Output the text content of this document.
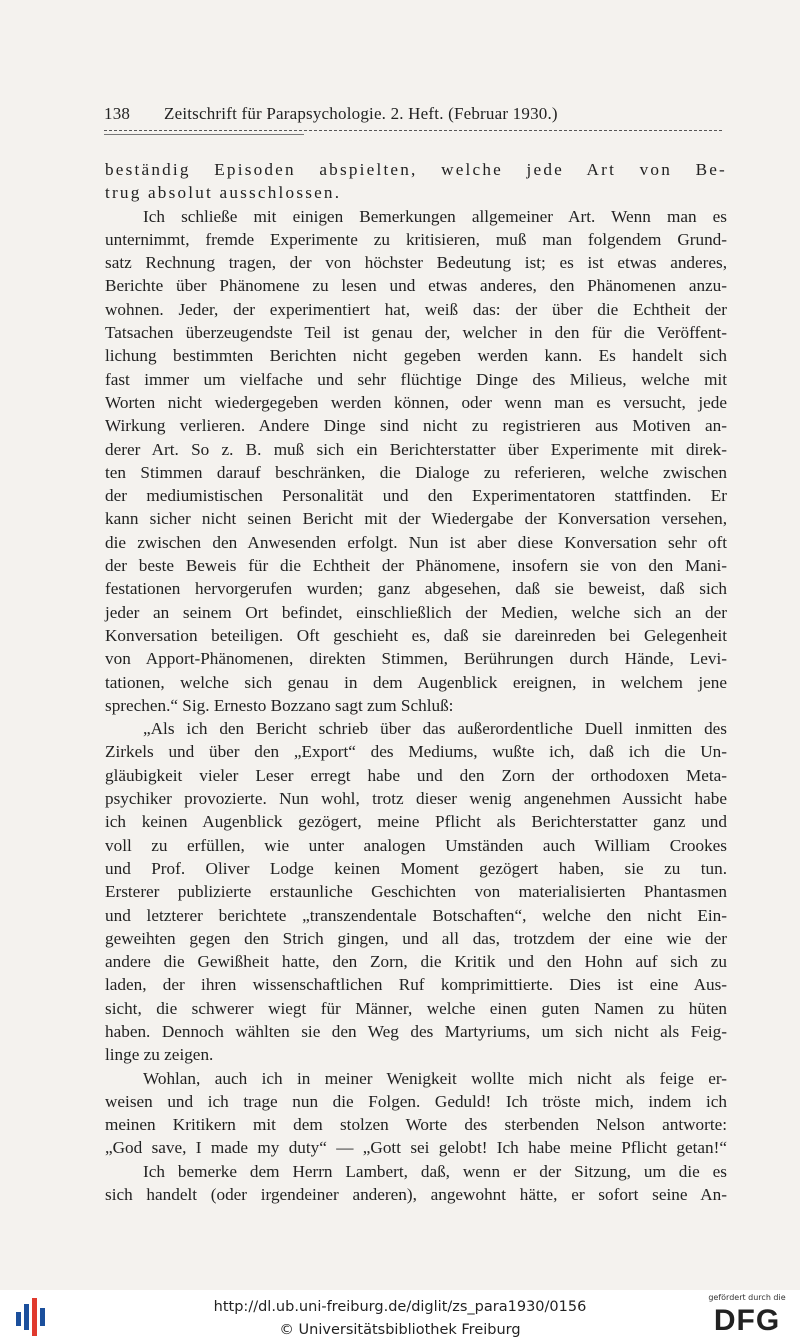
138	Zeitschrift für Parapsychologie. 2. Heft. (Februar 1930.)
beständig Episoden abspielten, welche jede Art von Be-
trug absolut ausschlossen.
Ich schließe mit einigen Bemerkungen allgemeiner Art. Wenn man es
unternimmt, fremde Experimente zu kritisieren, muß man folgendem Grund-
satz Rechnung tragen, der von höchster Bedeutung ist; es ist etwas anderes,
Berichte über Phänomene zu lesen und etwas anderes, den Phänomenen anzu-
wohnen. Jeder, der experimentiert hat, weiß das: der über die Echtheit der
Tatsachen überzeugendste Teil ist genau der, welcher in den für die Veröffent-
lichung bestimmten Berichten nicht gegeben werden kann. Es handelt sich
fast immer um vielfache und sehr flüchtige Dinge des Milieus, welche mit
Worten nicht wiedergegeben werden können, oder wenn man es versucht, jede
Wirkung verlieren. Andere Dinge sind nicht zu registrieren aus Motiven an-
derer Art. So z. B. muß sich ein Berichterstatter über Experimente mit direk-
ten Stimmen darauf beschränken, die Dialoge zu referieren, welche zwischen
der mediumistischen Personalität und den Experimentatoren stattfinden. Er
kann sicher nicht seinen Bericht mit der Wiedergabe der Konversation versehen,
die zwischen den Anwesenden erfolgt. Nun ist aber diese Konversation sehr oft
der beste Beweis für die Echtheit der Phänomene, insofern sie von den Mani-
festationen hervorgerufen wurden; ganz abgesehen, daß sie beweist, daß sich
jeder an seinem Ort befindet, einschließlich der Medien, welche sich an der
Konversation beteiligen. Oft geschieht es, daß sie dareinreden bei Gelegenheit
von Apport-Phänomenen, direkten Stimmen, Berührungen durch Hände, Levi-
tationen, welche sich genau in dem Augenblick ereignen, in welchem jene
sprechen.“ Sig. Ernesto Bozzano sagt zum Schluß:
„Als ich den Bericht schrieb über das außerordentliche Duell inmitten des
Zirkels und über den „Export“ des Mediums, wußte ich, daß ich die Un-
gläubigkeit vieler Leser erregt habe und den Zorn der orthodoxen Meta-
psychiker provozierte. Nun wohl, trotz dieser wenig angenehmen Aussicht habe
ich keinen Augenblick gezögert, meine Pflicht als Berichterstatter ganz und
voll zu erfüllen, wie unter analogen Umständen auch William Crookes
und Prof. Oliver Lodge keinen Moment gezögert haben, sie zu tun.
Ersterer publizierte erstaunliche Geschichten von materialisierten Phantasmen
und letzterer berichtete „transzendentale Botschaften“, welche den nicht Ein-
geweihten gegen den Strich gingen, und all das, trotzdem der eine wie der
andere die Gewißheit hatte, den Zorn, die Kritik und den Hohn auf sich zu
laden, der ihren wissenschaftlichen Ruf komprimittierte. Dies ist eine Aus-
sicht, die schwerer wiegt für Männer, welche einen guten Namen zu hüten
haben. Dennoch wählten sie den Weg des Martyriums, um sich nicht als Feig-
linge zu zeigen.
Wohlan, auch ich in meiner Wenigkeit wollte mich nicht als feige er-
weisen und ich trage nun die Folgen. Geduld! Ich tröste mich, indem ich
meinen Kritikern mit dem stolzen Worte des sterbenden Nelson antworte:
„God save, I made my duty“ — „Gott sei gelobt! Ich habe meine Pflicht getan!“
Ich bemerke dem Herrn Lambert, daß, wenn er der Sitzung, um die es
sich handelt (oder irgendeiner anderen), angewohnt hätte, er sofort seine An-
http://dl.ub.uni-freiburg.de/diglit/zs_para1930/0156
© Universitätsbibliothek Freiburg
gefördert durch die
DFG
